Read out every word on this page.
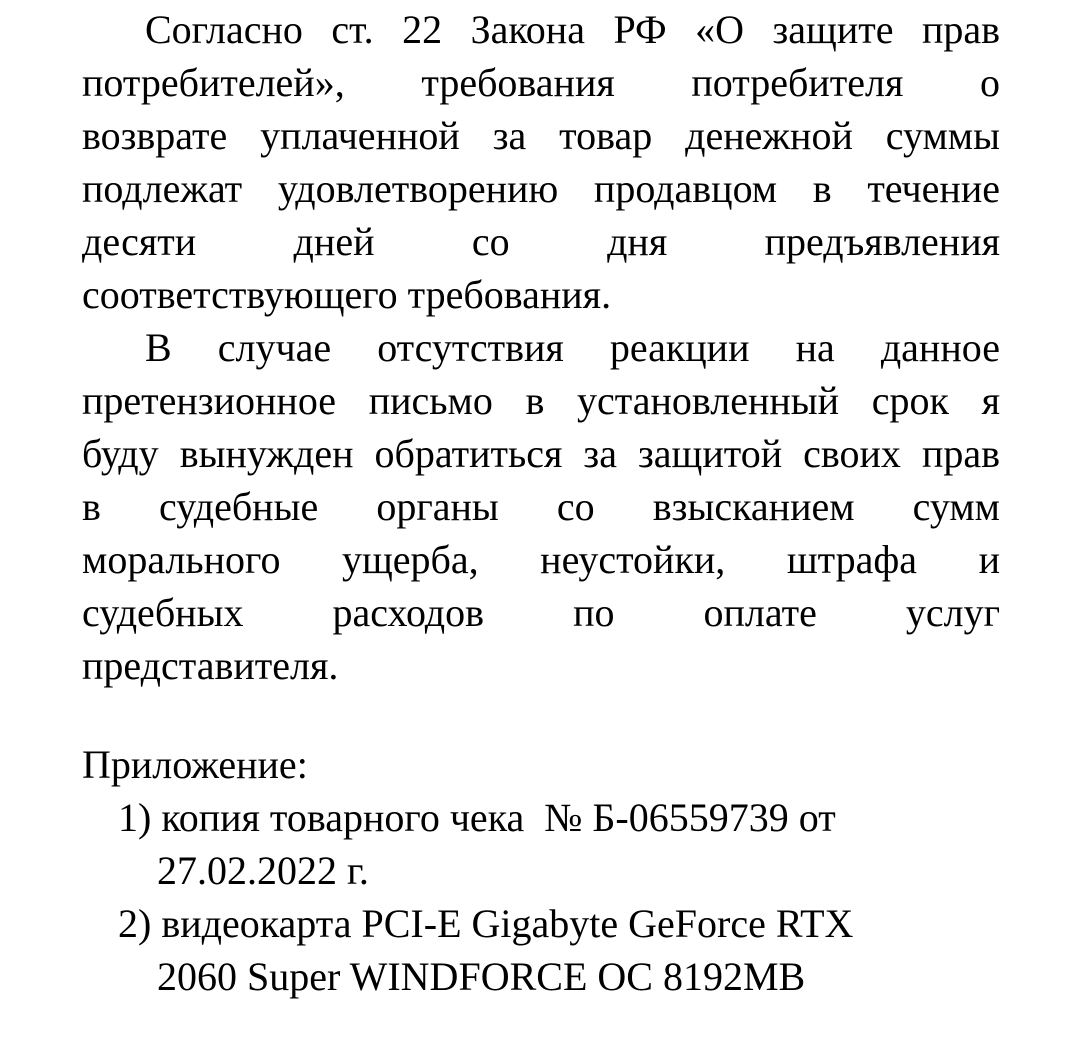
Согласно ст. 22 Закона РФ «О защите прав
потребителей», требования потребителя о
возврате уплаченной за товар денежной суммы
подлежат удовлетворению продавцом в течение
десяти дней со дня предъявления
соответствующего требования.
В случае отсутствия реакции на данное
претензионное письмо в установленный срок я
буду вынужден обратиться за защитой своих прав
в судебные органы со взысканием сумм
морального ущерба, неустойки, штрафа и
судебных расходов по оплате услуг
представителя.
Приложение:
1) копия товарного чека  № Б-06559739 от
27.02.2022 г.
2) видеокарта PCI-E Gigabyte GeForce RTX
2060 Super WINDFORCE OC 8192MB
